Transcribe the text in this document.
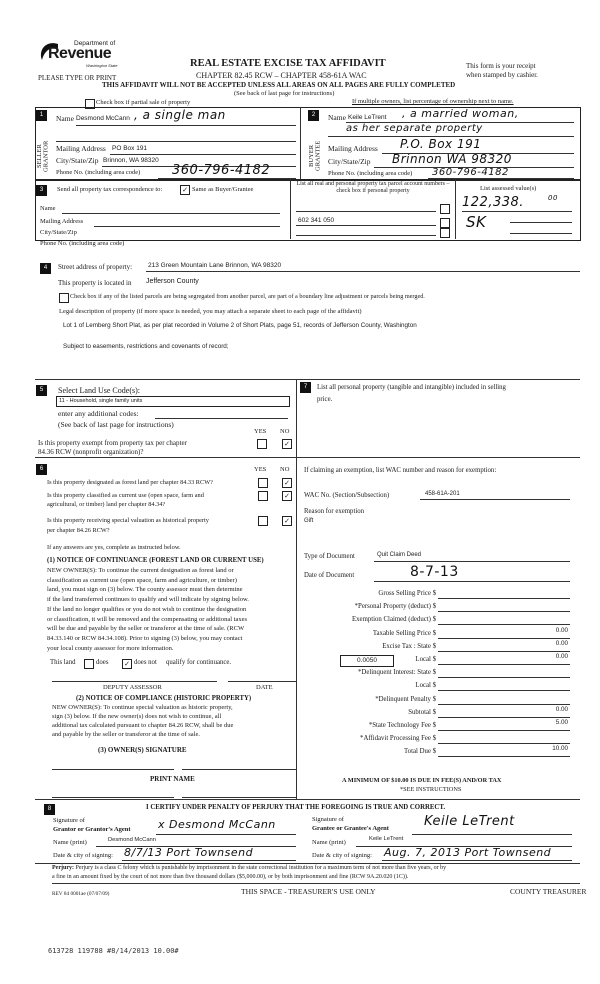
Department of
Revenue
Washington State
PLEASE TYPE OR PRINT
REAL ESTATE EXCISE TAX AFFIDAVIT
CHAPTER 82.45 RCW – CHAPTER 458-61A WAC
THIS AFFIDAVIT WILL NOT BE ACCEPTED UNLESS ALL AREAS ON ALL PAGES ARE FULLY COMPLETED
(See back of last page for instructions)
This form is your receipt
when stamped by cashier.
Check box if partial sale of property	If multiple owners, list percentage of ownership next to name.
1
SELLER GRANTOR
Name Desmond McCann , a single man
Mailing Address PO Box 191
City/State/Zip Brinnon, WA 98320
Phone No. (including area code) 360-796-4182
2
BUYER GRANTEE
Name Keile LeTrent , a married woman,
as her separate property
Mailing Address P.O. Box 191
City/State/Zip Brinnon WA 98320
Phone No. (including area code) 360-796-4182
3	Send all property tax correspondence to:	✓ Same as Buyer/Grantee
Name
Mailing Address
City/State/Zip
Phone No. (including area code)
List all real and personal property tax parcel account numbers – check box if personal property
602 341 050
List assessed value(s)
122,338.	00
SK
4	Street address of property: 213 Green Mountain Lane Brinnon, WA 98320
This property is located in Jefferson County
Check box if any of the listed parcels are being segregated from another parcel, are part of a boundary line adjustment or parcels being merged.
Legal description of property (if more space is needed, you may attach a separate sheet to each page of the affidavit)
Lot 1 of Lemberg Short Plat, as per plat recorded in Volume 2 of Short Plats, page 51, records of Jefferson County, Washington
Subject to easements, restrictions and covenants of record;
5	Select Land Use Code(s):
11 - Household, single family units
enter any additional codes:
(See back of last page for instructions)
YES NO
Is this property exempt from property tax per chapter
84.36 RCW (nonprofit organization)?
✓
6	YES NO
Is this property designated as forest land per chapter 84.33 RCW?	✓
Is this property classified as current use (open space, farm and
agricultural, or timber) land per chapter 84.34?
✓
Is this property receiving special valuation as historical property
per chapter 84.26 RCW?
✓
If any answers are yes, complete as instructed below.
(1) NOTICE OF CONTINUANCE (FOREST LAND OR CURRENT USE)
NEW OWNER(S): To continue the current designation as forest land or
classification as current use (open space, farm and agriculture, or timber)
land, you must sign on (3) below. The county assessor must then determine
if the land transferred continues to qualify and will indicate by signing below.
If the land no longer qualifies or you do not wish to continue the designation
or classification, it will be removed and the compensating or additional taxes
will be due and payable by the seller or transferor at the time of sale. (RCW
84.33.140 or RCW 84.34.108). Prior to signing (3) below, you may contact
your local county assessor for more information.
This land	does ✓ does not qualify for continuance.
DEPUTY ASSESSOR	DATE
(2) NOTICE OF COMPLIANCE (HISTORIC PROPERTY)
NEW OWNER(S): To continue special valuation as historic property,
sign (3) below. If the new owner(s) does not wish to continue, all
additional tax calculated pursuant to chapter 84.26 RCW, shall be due
and payable by the seller or transferor at the time of sale.
(3) OWNER(S) SIGNATURE
PRINT NAME
7	List all personal property (tangible and intangible) included in selling
price.
If claiming an exemption, list WAC number and reason for exemption:
WAC No. (Section/Subsection)	458-61A-201
Reason for exemption
Gift
Type of Document	Quit Claim Deed
Date of Document	8-7-13
0.0050
Gross Selling Price $
*Personal Property (deduct) $
Exemption Claimed (deduct) $
Taxable Selling Price $	0.00
Excise Tax : State $	0.00
Local $	0.00
*Delinquent Interest: State $
Local $
*Delinquent Penalty $
Subtotal $	0.00
*State Technology Fee $	5.00
*Affidavit Processing Fee $
Total Due $	10.00
A MINIMUM OF $10.00 IS DUE IN FEE(S) AND/OR TAX
*SEE INSTRUCTIONS
8	I CERTIFY UNDER PENALTY OF PERJURY THAT THE FOREGOING IS TRUE AND CORRECT.
Signature of
Grantor or Grantor's Agent x Desmond McCann
Name (print)	Desmond McCann
Date & city of signing: 8/7/13 Port Townsend
Signature of
Grantee or Grantee's Agent	Keile LeTrent
Name (print)	Keile LeTrent
Date & city of signing: Aug. 7, 2013 Port Townsend
Perjury: Perjury is a class C felony which is punishable by imprisonment in the state correctional institution for a maximum term of not more than five years, or by
a fine in an amount fixed by the court of not more than five thousand dollars ($5,000.00), or by both imprisonment and fine (RCW 9A.20.020 (1C)).
REV 84 0001ae (07/07/09)	THIS SPACE - TREASURER'S USE ONLY	COUNTY TREASURER
613728 119788 #8/14/2013 10.00#
